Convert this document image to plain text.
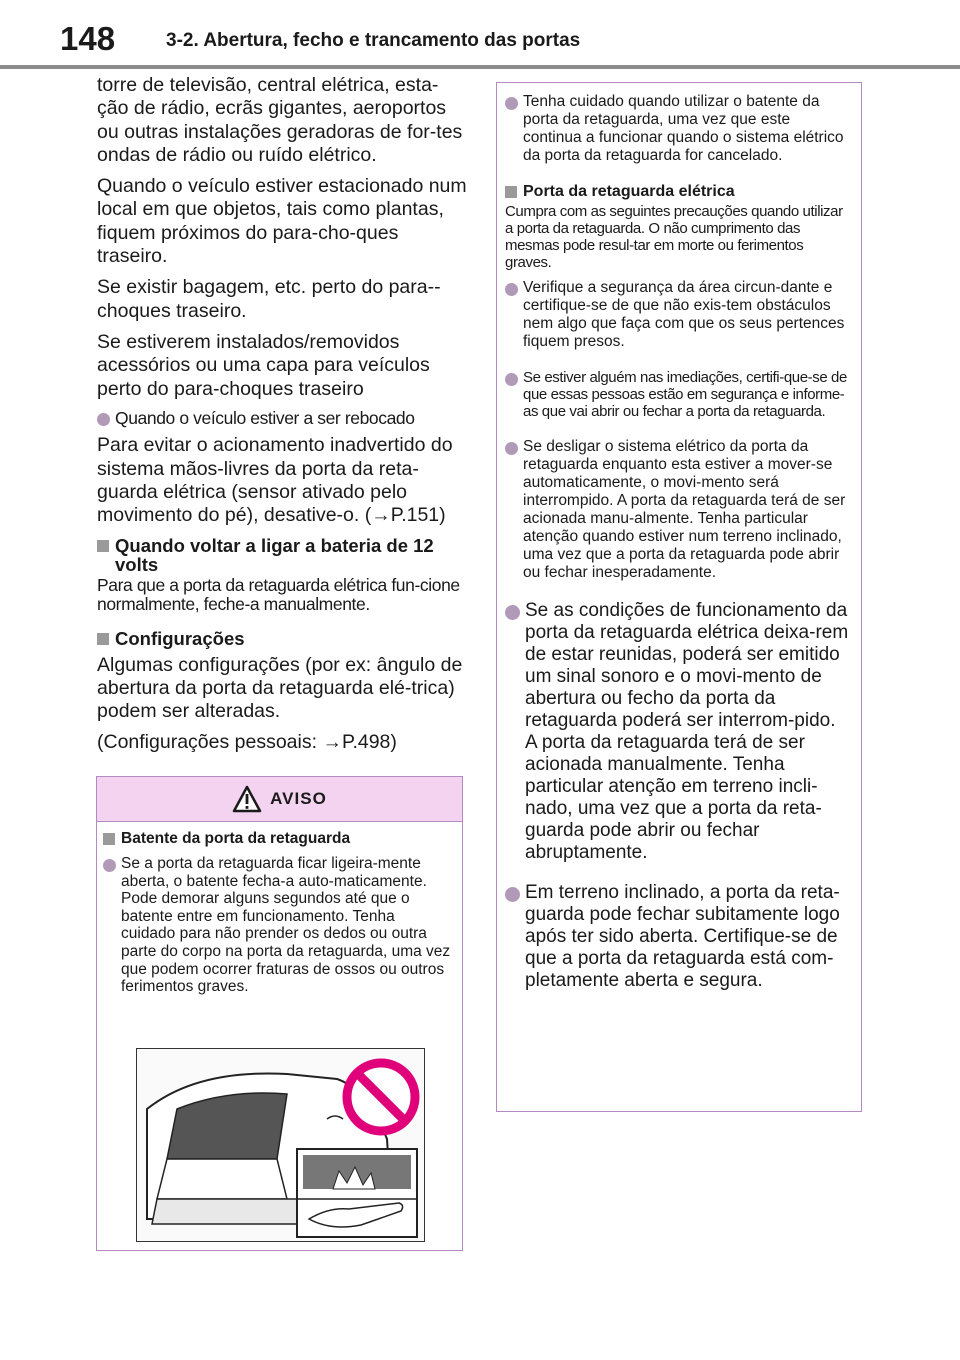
148	3-2. Abertura, fecho e trancamento das portas

torre de televisão, central elétrica, esta-ção de rádio, ecrãs gigantes, aeroportos ou outras instalações geradoras de for-tes ondas de rádio ou ruído elétrico.

Quando o veículo estiver estacionado num local em que objetos, tais como plantas, fiquem próximos do para-cho-ques traseiro.

Se existir bagagem, etc. perto do para--choques traseiro.

Se estiverem instalados/removidos acessórios ou uma capa para veículos perto do para-choques traseiro

Quando o veículo estiver a ser rebocado

Para evitar o acionamento inadvertido do sistema mãos-livres da porta da reta-guarda elétrica (sensor ativado pelo movimento do pé), desative-o. (→P.151)

Quando voltar a ligar a bateria de 12 volts

Para que a porta da retaguarda elétrica fun-cione normalmente, feche-a manualmente.

Configurações

Algumas configurações (por ex: ângulo de abertura da porta da retaguarda elé-trica) podem ser alteradas.

(Configurações pessoais: →P.498)

AVISO
Batente da porta da retaguarda
Se a porta da retaguarda ficar ligeira-mente aberta, o batente fecha-a auto-maticamente. Pode demorar alguns segundos até que o batente entre em funcionamento. Tenha cuidado para não prender os dedos ou outra parte do corpo na porta da retaguarda, uma vez que podem ocorrer fraturas de ossos ou outros ferimentos graves.
Tenha cuidado quando utilizar o batente da porta da retaguarda, uma vez que este continua a funcionar quando o sistema elétrico da porta da retaguarda for cancelado.
Porta da retaguarda elétrica
Cumpra com as seguintes precauções quando utilizar a porta da retaguarda. O não cumprimento das mesmas pode resul-tar em morte ou ferimentos graves.
Verifique a segurança da área circun-dante e certifique-se de que não exis-tem obstáculos nem algo que faça com que os seus pertences fiquem presos.
Se estiver alguém nas imediações, certifi-que-se de que essas pessoas estão em segurança e informe-as que vai abrir ou fechar a porta da retaguarda.
Se desligar o sistema elétrico da porta da retaguarda enquanto esta estiver a mover-se automaticamente, o movi-mento será interrompido. A porta da retaguarda terá de ser acionada manu-almente. Tenha particular atenção quando estiver num terreno inclinado, uma vez que a porta da retaguarda pode abrir ou fechar inesperadamente.
Se as condições de funcionamento da porta da retaguarda elétrica deixa-rem de estar reunidas, poderá ser emitido um sinal sonoro e o movi-mento de abertura ou fecho da porta da retaguarda poderá ser interrom-pido. A porta da retaguarda terá de ser acionada manualmente. Tenha particular atenção em terreno incli-nado, uma vez que a porta da reta-guarda pode abrir ou fechar abruptamente.
Em terreno inclinado, a porta da reta-guarda pode fechar subitamente logo após ter sido aberta. Certifique-se de que a porta da retaguarda está com-pletamente aberta e segura.
